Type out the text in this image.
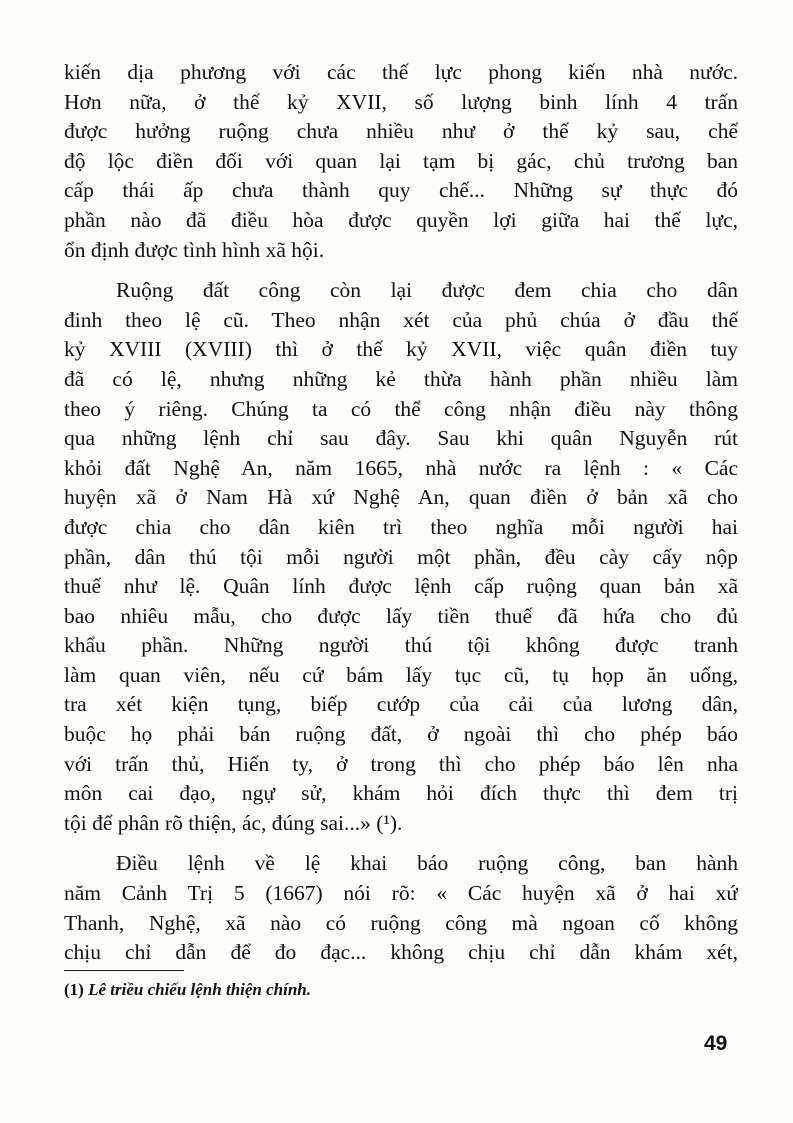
kiến dịa phương với các thế lực phong kiến nhà nước.
Hơn nữa, ở thế kỷ XVII, số lượng binh lính 4 trấn
được hưởng ruộng chưa nhiều như ở thế kỷ sau, chế
độ lộc điền đối với quan lại tạm bị gác, chủ trương ban
cấp thái ấp chưa thành quy chế... Những sự thực đó
phần nào đã điều hòa được quyền lợi giữa hai thế lực,
ổn định được tình hình xã hội.
Ruộng đất công còn lại được đem chia cho dân
đinh theo lệ cũ. Theo nhận xét của phủ chúa ở đầu thế
kỷ XVIII (XVIII) thì ở thế kỷ XVII, việc quân điền tuy
đã có lệ, nhưng những kẻ thừa hành phần nhiều làm
theo ý riêng. Chúng ta có thể công nhận điều này thông
qua những lệnh chỉ sau đây. Sau khi quân Nguyễn rút
khỏi đất Nghệ An, năm 1665, nhà nước ra lệnh : « Các
huyện xã ở Nam Hà xứ Nghệ An, quan điền ở bản xã cho
được chia cho dân kiên trì theo nghĩa mỗi người hai
phần, dân thú tội mỗi người một phần, đều cày cấy nộp
thuế như lệ. Quân lính được lệnh cấp ruộng quan bản xã
bao nhiêu mẫu, cho được lấy tiền thuế đã hứa cho đủ
khẩu phần. Những người thú tội không được tranh
làm quan viên, nếu cứ bám lấy tục cũ, tụ họp ăn uống,
tra xét kiện tụng, biếp cướp của cải của lương dân,
buộc họ phải bán ruộng đất, ở ngoài thì cho phép báo
với trấn thủ, Hiến ty, ở trong thì cho phép báo lên nha
môn cai đạo, ngự sử, khám hỏi đích thực thì đem trị
tội để phân rõ thiện, ác, đúng sai...» (¹).
Điều lệnh về lệ khai báo ruộng công, ban hành
năm Cảnh Trị 5 (1667) nói rõ: « Các huyện xã ở hai xứ
Thanh, Nghệ, xã nào có ruộng công mà ngoan cố không
chịu chỉ dẫn để đo đạc... không chịu chỉ dẫn khám xét,
(1) Lê triều chiếu lệnh thiện chính.
49
